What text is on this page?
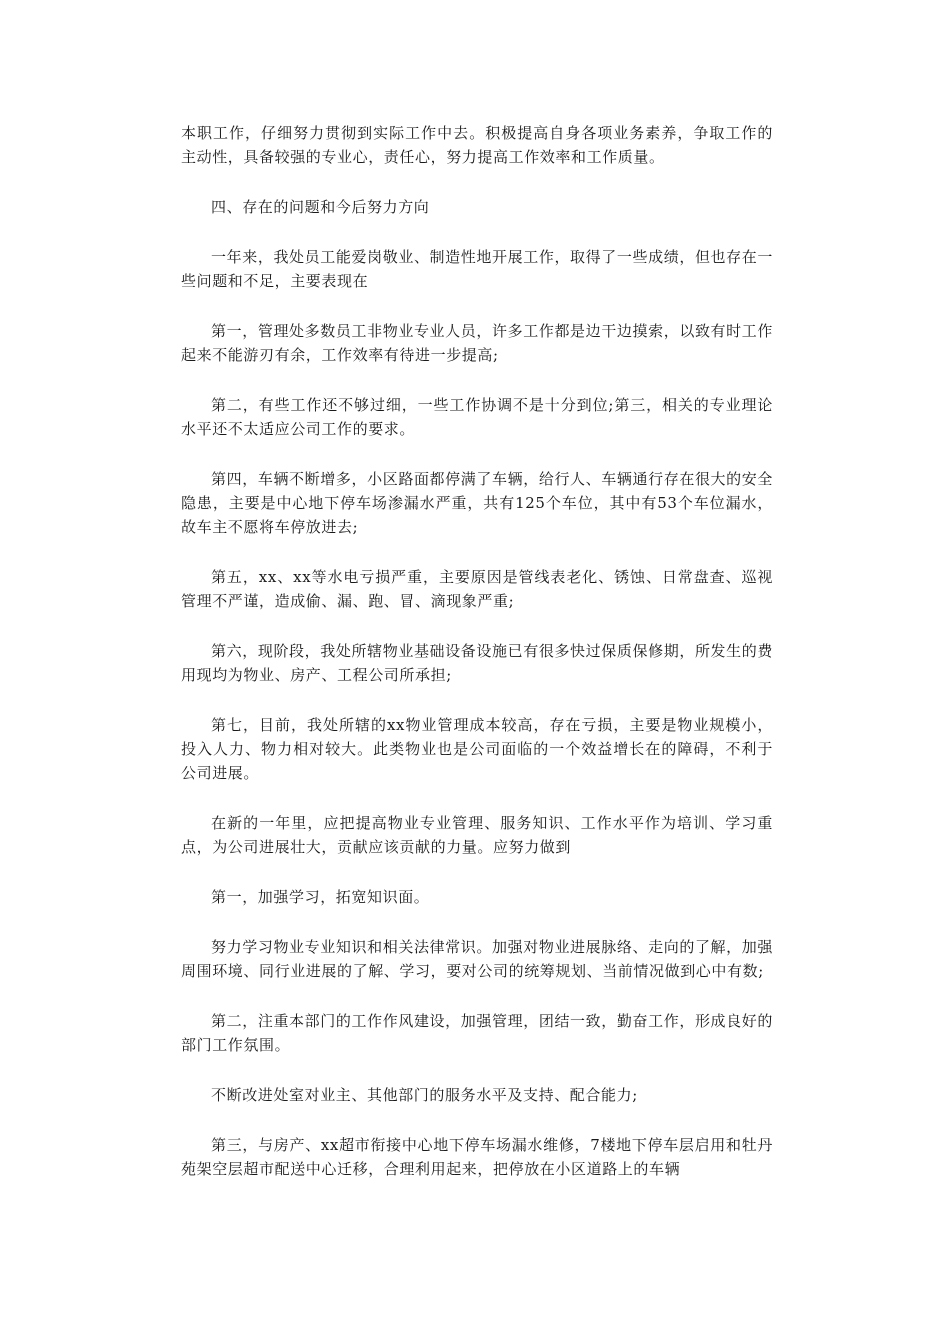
本职工作，仔细努力贯彻到实际工作中去。积极提高自身各项业务素养，争取工作的主动性，具备较强的专业心，责任心，努力提高工作效率和工作质量。

四、存在的问题和今后努力方向

一年来，我处员工能爱岗敬业、制造性地开展工作，取得了一些成绩，但也存在一些问题和不足，主要表现在

第一，管理处多数员工非物业专业人员，许多工作都是边干边摸索，以致有时工作起来不能游刃有余，工作效率有待进一步提高;

第二，有些工作还不够过细，一些工作协调不是十分到位;第三，相关的专业理论水平还不太适应公司工作的要求。

第四，车辆不断增多，小区路面都停满了车辆，给行人、车辆通行存在很大的安全隐患，主要是中心地下停车场渗漏水严重，共有125个车位，其中有53个车位漏水，故车主不愿将车停放进去;

第五，xx、xx等水电亏损严重，主要原因是管线表老化、锈蚀、日常盘查、巡视管理不严谨，造成偷、漏、跑、冒、滴现象严重;

第六，现阶段，我处所辖物业基础设备设施已有很多快过保质保修期，所发生的费用现均为物业、房产、工程公司所承担;

第七，目前，我处所辖的xx物业管理成本较高，存在亏损，主要是物业规模小，投入人力、物力相对较大。此类物业也是公司面临的一个效益增长在的障碍，不利于公司进展。

在新的一年里，应把提高物业专业管理、服务知识、工作水平作为培训、学习重点，为公司进展壮大，贡献应该贡献的力量。应努力做到

第一，加强学习，拓宽知识面。

努力学习物业专业知识和相关法律常识。加强对物业进展脉络、走向的了解，加强周围环境、同行业进展的了解、学习，要对公司的统筹规划、当前情况做到心中有数;

第二，注重本部门的工作作风建设，加强管理，团结一致，勤奋工作，形成良好的部门工作氛围。

不断改进处室对业主、其他部门的服务水平及支持、配合能力;

第三，与房产、xx超市衔接中心地下停车场漏水维修，7楼地下停车层启用和牡丹苑架空层超市配送中心迁移，合理利用起来，把停放在小区道路上的车辆
